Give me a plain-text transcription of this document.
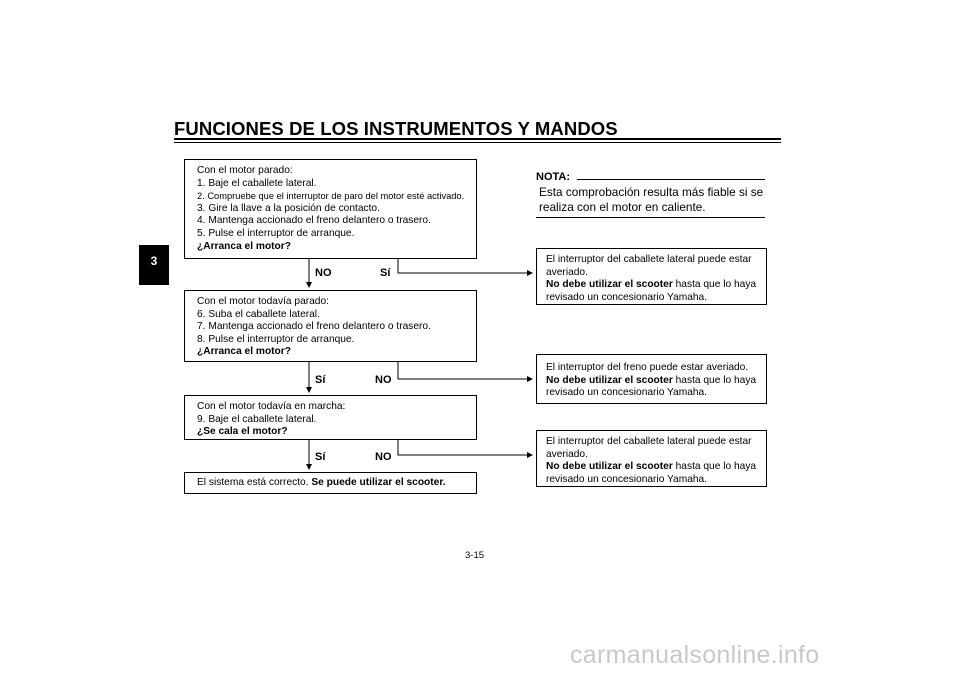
FUNCIONES DE LOS INSTRUMENTOS Y MANDOS
3
Con el motor parado:
1. Baje el caballete lateral.
2. Compruebe que el interruptor de paro del motor esté activado.
3. Gire la llave a la posición de contacto.
4. Mantenga accionado el freno delantero o trasero.
5. Pulse el interruptor de arranque.
¿Arranca el motor?
NO	Sí
Con el motor todavía parado:
6. Suba el caballete lateral.
7. Mantenga accionado el freno delantero o trasero.
8. Pulse el interruptor de arranque.
¿Arranca el motor?
Sí	NO
Con el motor todavía en marcha:
9. Baje el caballete lateral.
¿Se cala el motor?
Sí	NO
El sistema está correcto. Se puede utilizar el scooter.
NOTA:
Esta comprobación resulta más fiable si se realiza con el motor en caliente.
El interruptor del caballete lateral puede estar
averiado.
No debe utilizar el scooter hasta que lo haya
revisado un concesionario Yamaha.
El interruptor del freno puede estar averiado.
No debe utilizar el scooter hasta que lo haya
revisado un concesionario Yamaha.
El interruptor del caballete lateral puede estar
averiado.
No debe utilizar el scooter hasta que lo haya
revisado un concesionario Yamaha.
3-15
carmanualsonline.info
